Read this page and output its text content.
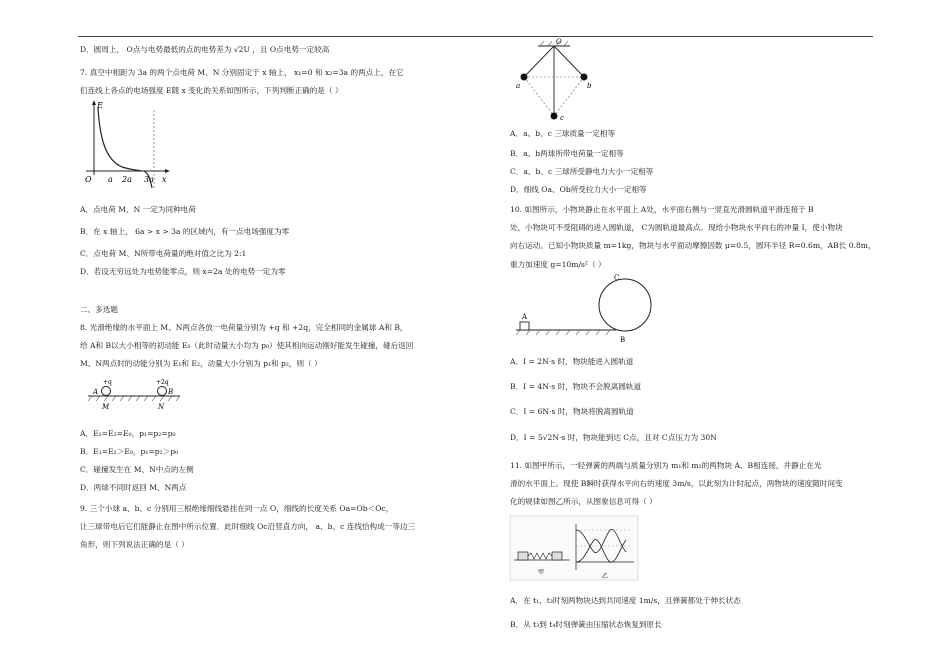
D．圆周上， O点与电势最低的点的电势差为 √2U ，且 O点电势一定较高
7. 真空中相距为 3a 的两个点电荷 M、N 分别固定于 x 轴上， x₁=0 和 x₂=3a 的两点上，在它
们连线上各点的电场强度 E随 x 变化的关系如图所示，下列判断正确的是（ ）
A．点电荷 M、N 一定为同种电荷
B．在 x 轴上， 6a > x > 3a 的区域内，有一点电场强度为零
C．点电荷 M、N所带电荷量的绝对值之比为 2:1
D．若设无穷远处为电势能零点，则 x=2a 处的电势一定为零
二、多选题
8. 光滑绝缘的水平面上 M、N两点各放一电荷量分别为 +q 和 +2q，完全相同的金属球 A和 B，
给 A和 B以大小相等的初动能 E₀（此时动量大小均为 p₀）使其相向运动刚好能发生碰撞，碰后返回
M、N两点时的动能分别为 E₁和 E₂，动量大小分别为 p₁和 p₂，则（ ）
A．E₁=E₂=E₀，p₁=p₂=p₀
B．E₁=E₂＞E₀，p₁=p₂＞p₀
C．碰撞发生在 M、N中点的左侧
D．两球不同时返回 M、N两点
9. 三个小球 a、b、c 分别用三根绝缘细线悬挂在同一点 O，细线的长度关系 Oa=Ob＜Oc，
让三球带电后它们能静止在图中所示位置．此时细线 Oc沿竖直方向， a、b、c 连线恰构成一等边三
角形，则下列说法正确的是（ ）
A．a、b、c 三球质量一定相等
B．a、b两球所带电荷量一定相等
C．a、b、c 三球所受静电力大小一定相等
D．细线 Oa、Ob所受拉力大小一定相等
10. 如图所示，小物块静止在水平面上 A处，水平面右侧与一竖直光滑圆轨道平滑连接于 B
处，小物块可不受阻碍的进入圆轨道， C为圆轨道最高点。现给小物块水平向右的冲量 I，使小物块
向右运动。已知小物块质量 m=1kg，物块与水平面动摩擦因数 μ=0.5，圆环半径 R=0.6m，AB长 0.8m，
重力加速度 g=10m/s²（ ）
A．I = 2N·s 时，物块能进入圆轨道
B．I = 4N·s 时，物块不会脱离圆轨道
C．I = 6N·s 时，物块将脱离圆轨道
D．I = 5√2N·s 时，物块能到达 C点，且对 C点压力为 30N
11. 如图甲所示，一轻弹簧的两端与质量分别为 m₁和 m₂的两物块 A、B相连接，并静止在光
滑的水平面上。现使 B瞬时获得水平向右的速度 3m/s，以此刻为计时起点，两物块的速度随时间变
化的规律如图乙所示，从图象信息可得（ ）
A．在 t₁、t₃时刻两物块达到共同速度 1m/s，且弹簧都处于伸长状态
B．从 t₃到 t₄时刻弹簧由压缩状态恢复到原长
E
O a 2a 3a x
+q	+2q
A	B
M	N
O
a	b
c
A
B
C
甲
乙
